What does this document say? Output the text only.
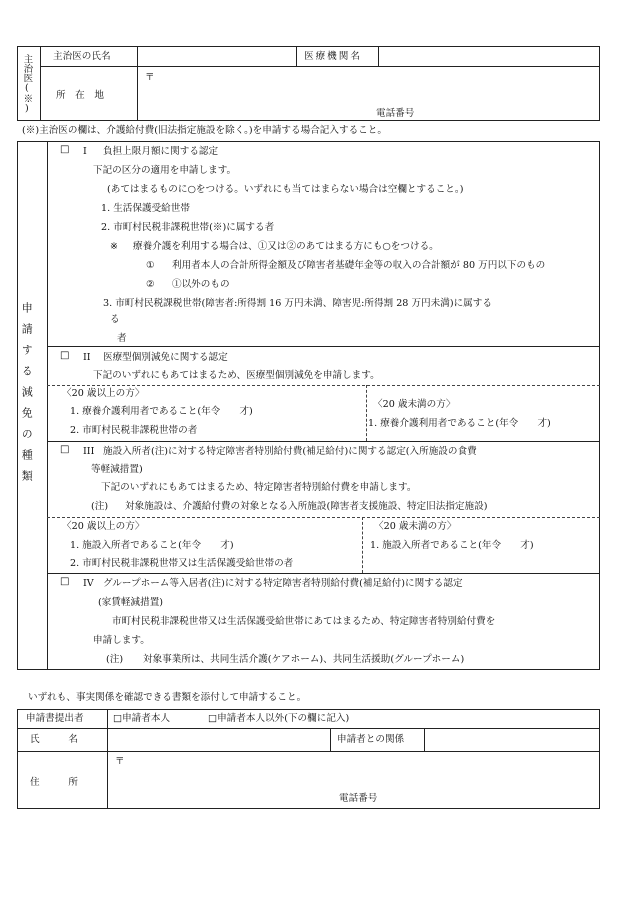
主治医(※) 主治医の氏名	医療機関名
所　在　地
〒
電話番号
(※)主治医の欄は、介護給付費(旧法指定施設を除く。)を申請する場合記入すること。
申請する減免の種類
□ I 負担上限月額に関する認定
下記の区分の適用を申請します。
(あてはまるものに○をつける。いずれにも当てはまらない場合は空欄とすること。)
1. 生活保護受給世帯
2. 市町村民税非課税世帯(※)に属する者
※ 療養介護を利用する場合は、①又は②のあてはまる方にも○をつける。
① 利用者本人の合計所得金額及び障害者基礎年金等の収入の合計額が 80 万円以下のもの
② ①以外のもの
3. 市町村民税課税世帯(障害者:所得割 16 万円未満、障害児:所得割 28 万円未満)に属する
る
者
□ II 医療型個別減免に関する認定
下記のいずれにもあてはまるため、医療型個別減免を申請します。
〈20 歳以上の方〉
1. 療養介護利用者であること(年令　　才)
2. 市町村民税非課税世帯の者
〈20 歳未満の方〉
1. 療養介護利用者であること(年令　　才)
□ III 施設入所者(注)に対する特定障害者特別給付費(補足給付)に関する認定(入所施設の食費
等軽減措置)
下記のいずれにもあてはまるため、特定障害者特別給付費を申請します。
(注) 対象施設は、介護給付費の対象となる入所施設(障害者支援施設、特定旧法指定施設)
〈20 歳以上の方〉
1. 施設入所者であること(年令　　才)
2. 市町村民税非課税世帯又は生活保護受給世帯の者
〈20 歳未満の方〉
1. 施設入所者であること(年令　　才)
□ IV グループホーム等入居者(注)に対する特定障害者特別給付費(補足給付)に関する認定
(家賃軽減措置)
市町村民税非課税世帯又は生活保護受給世帯にあてはまるため、特定障害者特別給付費を
申請します。
(注) 対象事業所は、共同生活介護(ケアホーム)、共同生活援助(グループホーム)
いずれも、事実関係を確認できる書類を添付して申請すること。
申請書提出者	□申請者本人	□申請者本人以外(下の欄に記入)
氏　　　名	申請者との関係
住　　　所
〒
電話番号
